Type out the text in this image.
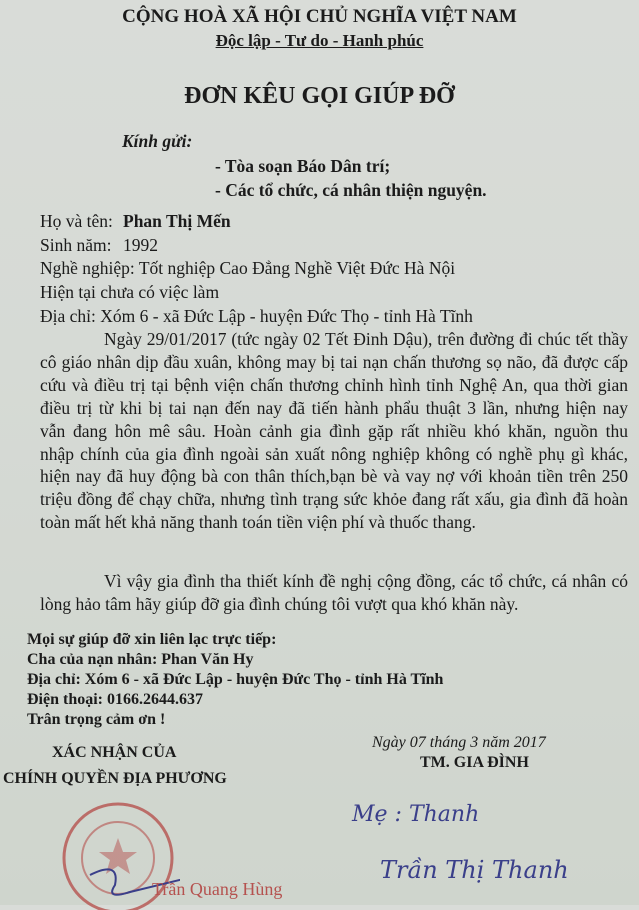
CỘNG HOÀ XÃ HỘI CHỦ NGHĨA VIỆT NAM
Độc lập - Tư do - Hanh phúc
ĐƠN KÊU GỌI GIÚP ĐỠ
Kính gửi:
- Tòa soạn Báo Dân trí;
- Các tổ chức, cá nhân thiện nguyện.
Họ và tên: Phan Thị Mến
Sinh năm: 1992
Nghề nghiệp: Tốt nghiệp Cao Đẳng Nghề Việt Đức Hà Nội
Hiện tại chưa có việc làm
Địa chỉ: Xóm 6 - xã Đức Lập - huyện Đức Thọ - tỉnh Hà Tĩnh
Ngày 29/01/2017 (tức ngày 02 Tết Đinh Dậu), trên đường đi chúc tết thầy
cô giáo nhân dịp đầu xuân, không may bị tai nạn chấn thương sọ não, đã được cấp
cứu và điều trị tại bệnh viện chấn thương chỉnh hình tỉnh Nghệ An, qua thời gian
điều trị từ khi bị tai nạn đến nay đã tiến hành phẩu thuật 3 lần, nhưng hiện nay
vẫn đang hôn mê sâu. Hoàn cảnh gia đình gặp rất nhiều khó khăn, nguồn thu
nhập chính của gia đình ngoài sản xuất nông nghiệp không có nghề phụ gì khác,
hiện nay đã huy động bà con thân thích,bạn bè và vay nợ với khoản tiền trên 250
triệu đồng để chạy chữa, nhưng tình trạng sức khỏe đang rất xấu, gia đình đã hoàn
toàn mất hết khả năng thanh toán tiền viện phí và thuốc thang.
Vì vậy gia đình tha thiết kính đề nghị cộng đồng, các tổ chức, cá nhân có
lòng hảo tâm hãy giúp đỡ gia đình chúng tôi vượt qua khó khăn này.
Mọi sự giúp đỡ xin liên lạc trực tiếp:
Cha của nạn nhân: Phan Văn Hy
Địa chỉ: Xóm 6 - xã Đức Lập - huyện Đức Thọ - tỉnh Hà Tĩnh
Điện thoại: 0166.2644.637
Trân trọng cảm ơn !
XÁC NHẬN CỦA
CHÍNH QUYỀN ĐỊA PHƯƠNG
Trần Quang Hùng
Ngày 07 tháng 3 năm 2017
TM. GIA ĐÌNH
Mẹ : Thanh
Trần Thị Thanh
